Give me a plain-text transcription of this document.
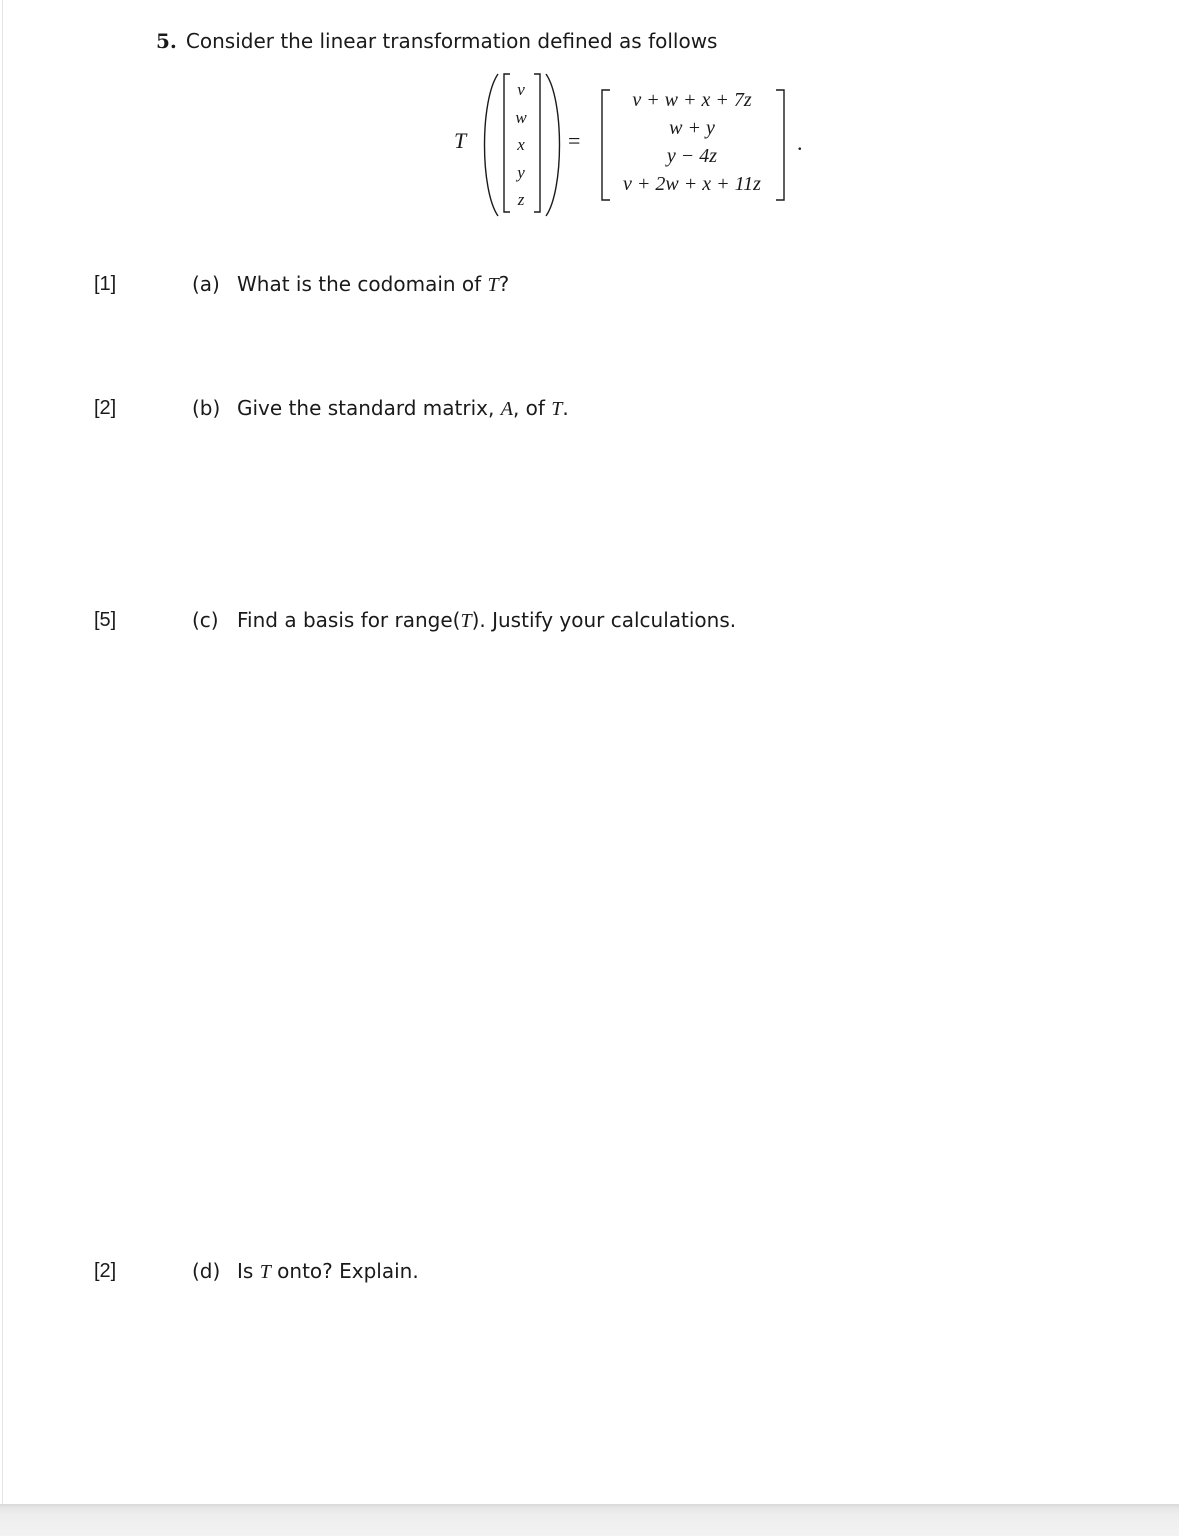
5. Consider the linear transformation defined as follows
T
v
w
x
y
z
=
v + w + x + 7z
w + y
y − 4z
v + 2w + x + 11z
.
[1]	(a) What is the codomain of T?
[2]	(b) Give the standard matrix, A, of T.
[5]	(c) Find a basis for range(T). Justify your calculations.
[2]	(d) Is T onto? Explain.
